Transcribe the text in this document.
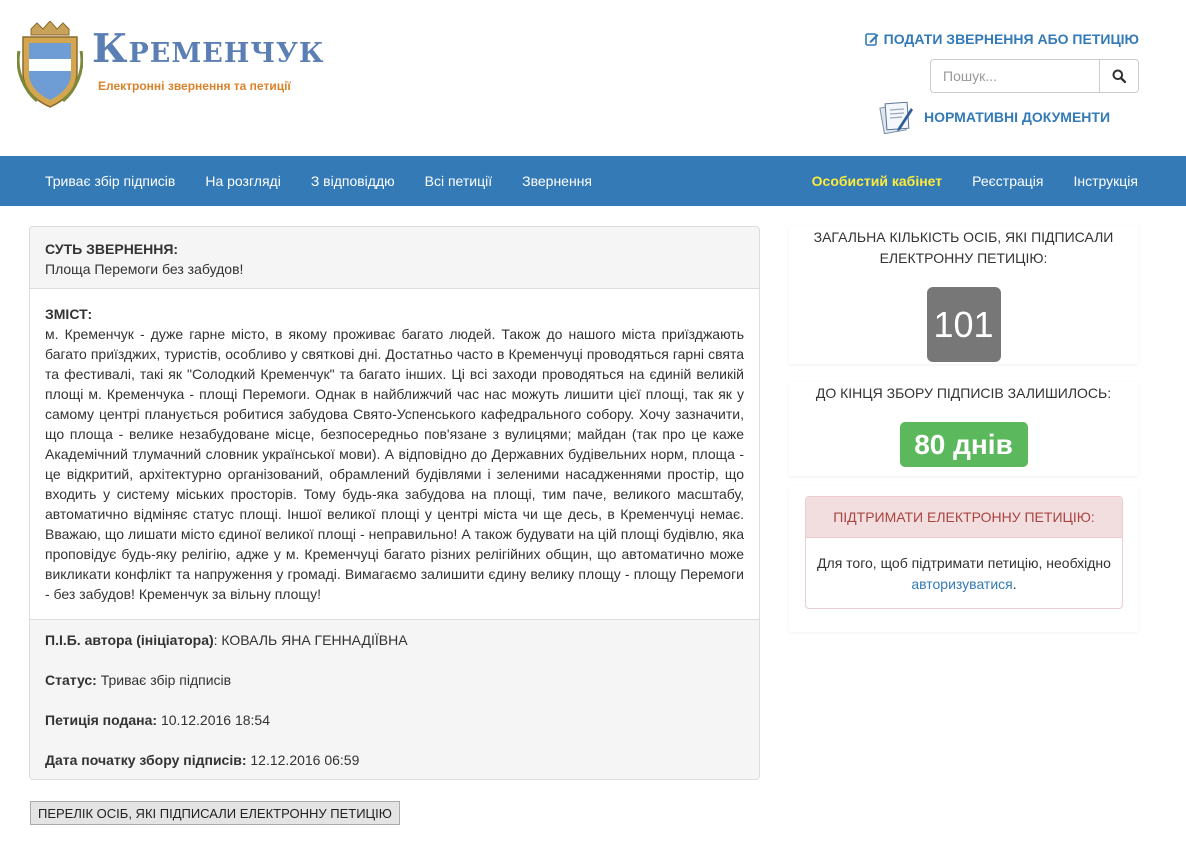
Кременчук
Електронні звернення та петиції
ПОДАТИ ЗВЕРНЕННЯ АБО ПЕТИЦІЮ
Пошук...
НОРМАТИВНІ ДОКУМЕНТИ
Триває збір підписів	На розгляді	З відповіддю	Всі петиції	Звернення	Особистий кабінет	Реєстрація	Інструкція
СУТЬ ЗВЕРНЕННЯ:
Площа Перемоги без забудов!
ЗМІСТ:
м. Кременчук - дуже гарне місто, в якому проживає багато людей. Також до нашого міста приїзджають багато приїзджих, туристів, особливо у святкові дні. Достатньо часто в Кременчуці проводяться гарні свята та фестивалі, такі як "Солодкий Кременчук" та багато інших. Ці всі заходи проводяться на єдиній великій площі м. Кременчука - площі Перемоги. Однак в найближчий час нас можуть лишити цієї площі, так як у самому центрі планується робитися забудова Свято-Успенського кафедрального собору. Хочу зазначити, що площа - велике незабудоване місце, безпосередньо пов'язане з вулицями; майдан (так про це каже Академічний тлумачний словник української мови). А відповідно до Державних будівельних норм, площа - це відкритий, архітектурно організований, обрамлений будівлями і зеленими насадженнями простір, що входить у систему міських просторів. Тому будь-яка забудова на площі, тим паче, великого масштабу, автоматично відміняє статус площі. Іншої великої площі у центрі міста чи ще десь, в Кременчуці немає. Вважаю, що лишати місто єдиної великої площі - неправильно! А також будувати на цій площі будівлю, яка проповідує будь-яку релігію, адже у м. Кременчуці багато різних релігійних общин, що автоматично може викликати конфлікт та напруження у громаді. Вимагаємо залишити єдину велику площу - площу Перемоги - без забудов! Кременчук за вільну площу!
П.І.Б. автора (ініціатора): КОВАЛЬ ЯНА ГЕННАДІЇВНА
Статус: Триває збір підписів
Петиція подана: 10.12.2016 18:54
Дата початку збору підписів: 12.12.2016 06:59
ПЕРЕЛІК ОСІБ, ЯКІ ПІДПИСАЛИ ЕЛЕКТРОННУ ПЕТИЦІЮ
ЗАГАЛЬНА КІЛЬКІСТЬ ОСІБ, ЯКІ ПІДПИСАЛИ ЕЛЕКТРОННУ ПЕТИЦІЮ:
101
ДО КІНЦЯ ЗБОРУ ПІДПИСІВ ЗАЛИШИЛОСЬ:
80 днів
ПІДТРИМАТИ ЕЛЕКТРОННУ ПЕТИЦІЮ:
Для того, щоб підтримати петицію, необхідно авторизуватися.
